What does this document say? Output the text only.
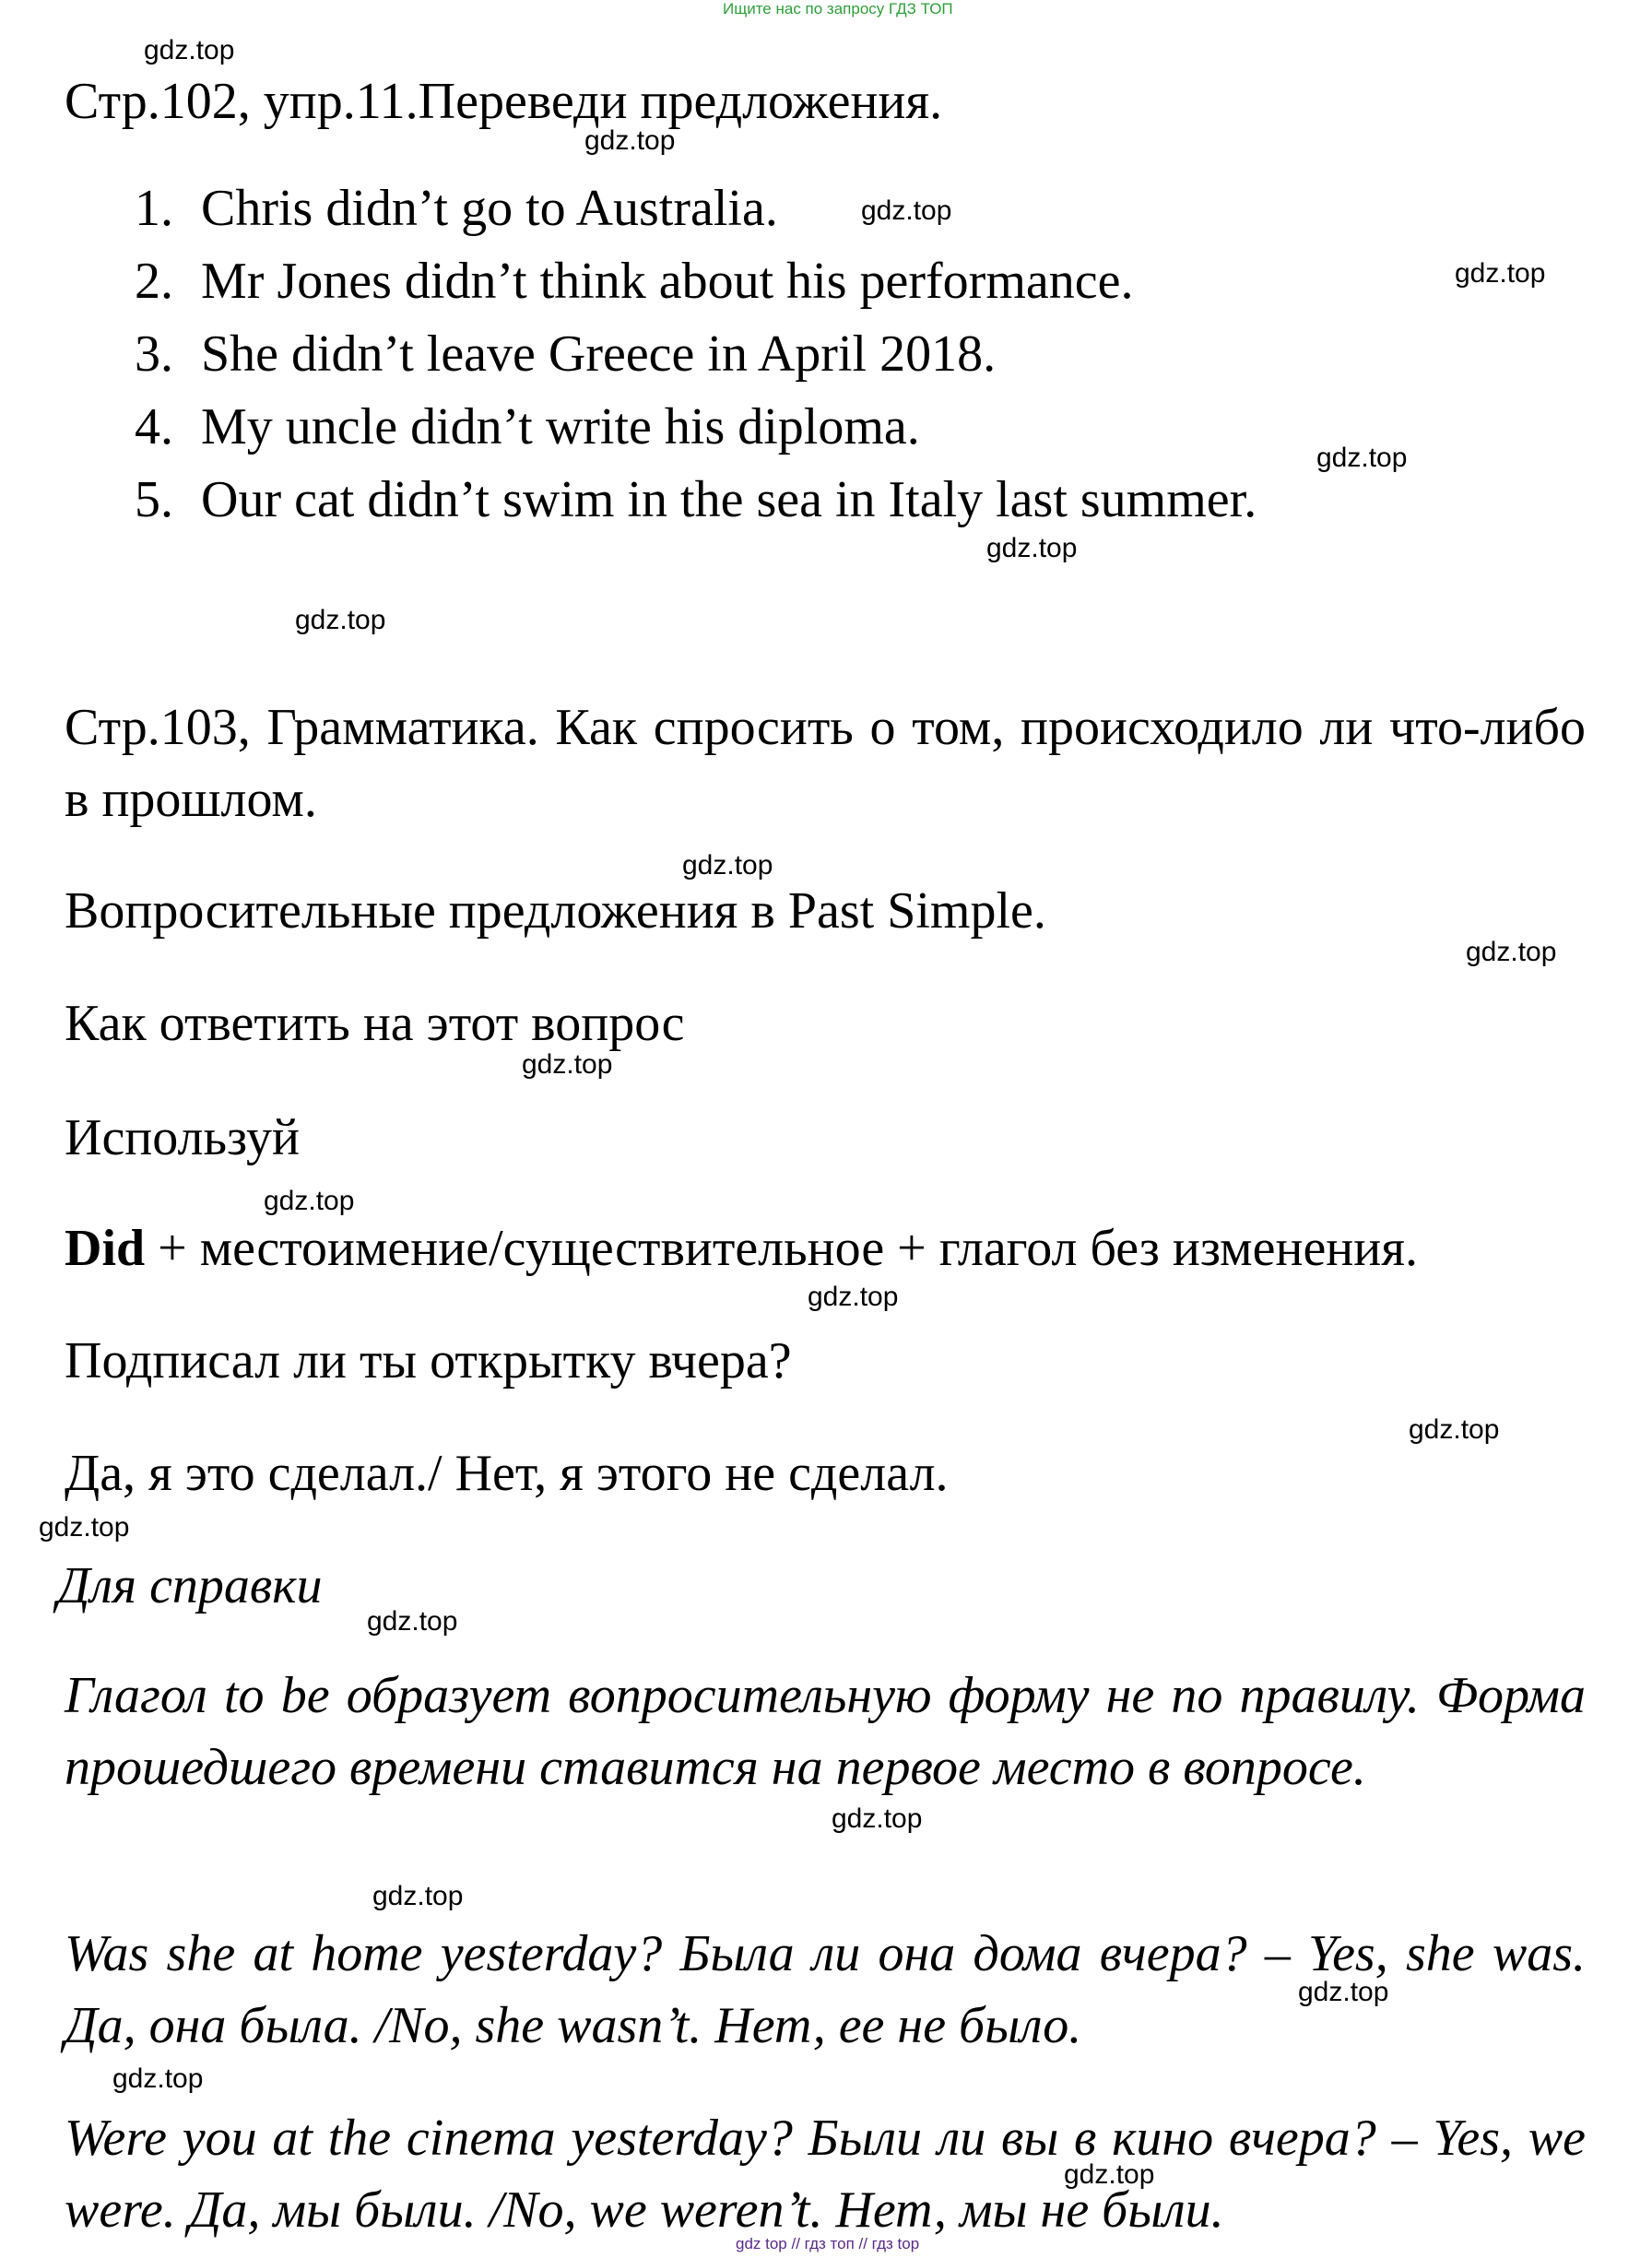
Ищите нас по запросу ГДЗ ТОП
gdz top // гдз топ // гдз top
gdz.top
gdz.top
gdz.top
gdz.top
gdz.top
gdz.top
gdz.top
gdz.top
gdz.top
gdz.top
gdz.top
gdz.top
gdz.top
gdz.top
gdz.top
gdz.top
gdz.top
gdz.top
gdz.top
gdz.top
Стр.102, упр.11.Переведи предложения.
1. Chris didn’t go to Australia.
2. Mr Jones didn’t think about his performance.
3. She didn’t leave Greece in April 2018.
4. My uncle didn’t write his diploma.
5. Our cat didn’t swim in the sea in Italy last summer.
Стр.103, Грамматика. Как спросить о том, происходило ли что-либо в прошлом.
Вопросительные предложения в Past Simple.
Как ответить на этот вопрос
Используй
Did + местоимение/существительное + глагол без изменения.
Подписал ли ты открытку вчера?
Да, я это сделал./ Нет, я этого не сделал.
Для справки
Глагол to be образует вопросительную форму не по правилу. Форма прошедшего времени ставится на первое место в вопросе.
Was she at home yesterday? Была ли она дома вчера? – Yes, she was. Да, она была. /No, she wasn’t. Нет, ее не было.
Were you at the cinema yesterday? Были ли вы в кино вчера? – Yes, we were. Да, мы были. /No, we weren’t. Нет, мы не были.
